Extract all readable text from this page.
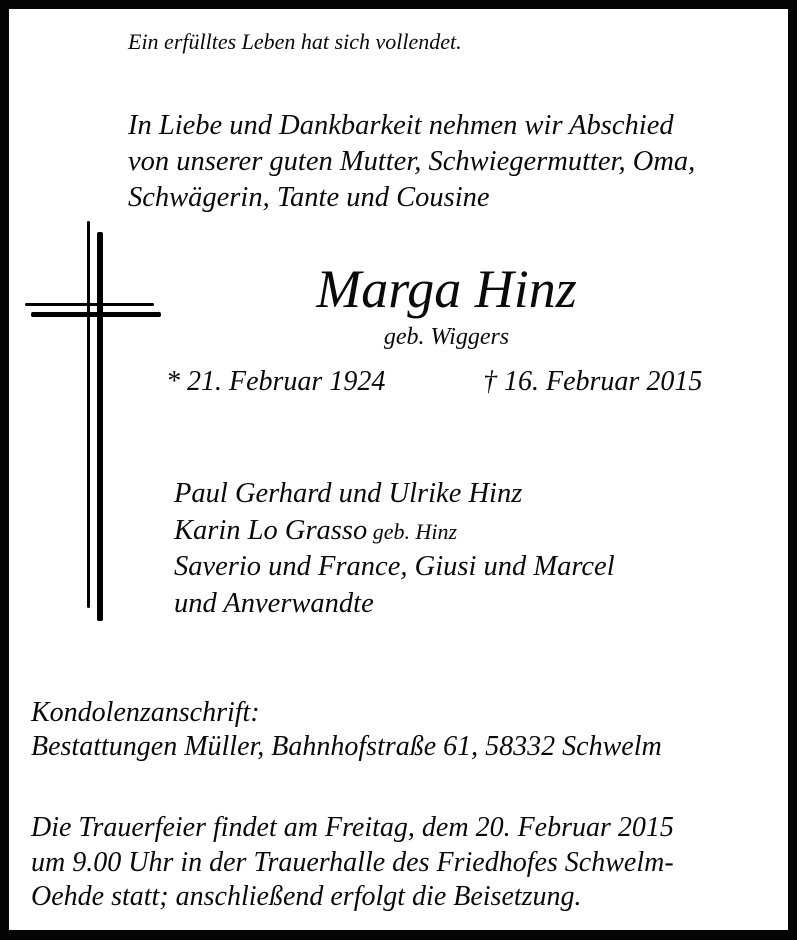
Ein erfülltes Leben hat sich vollendet.
In Liebe und Dankbarkeit nehmen wir Abschied
von unserer guten Mutter, Schwiegermutter, Oma,
Schwägerin, Tante und Cousine
Marga Hinz
geb. Wiggers
* 21. Februar 1924	† 16. Februar 2015
Paul Gerhard und Ulrike Hinz
Karin Lo Grasso geb. Hinz
Saverio und France, Giusi und Marcel
und Anverwandte
Kondolenzanschrift:
Bestattungen Müller, Bahnhofstraße 61, 58332 Schwelm
Die Trauerfeier findet am Freitag, dem 20. Februar 2015
um 9.00 Uhr in der Trauerhalle des Friedhofes Schwelm-
Oehde statt; anschließend erfolgt die Beisetzung.
